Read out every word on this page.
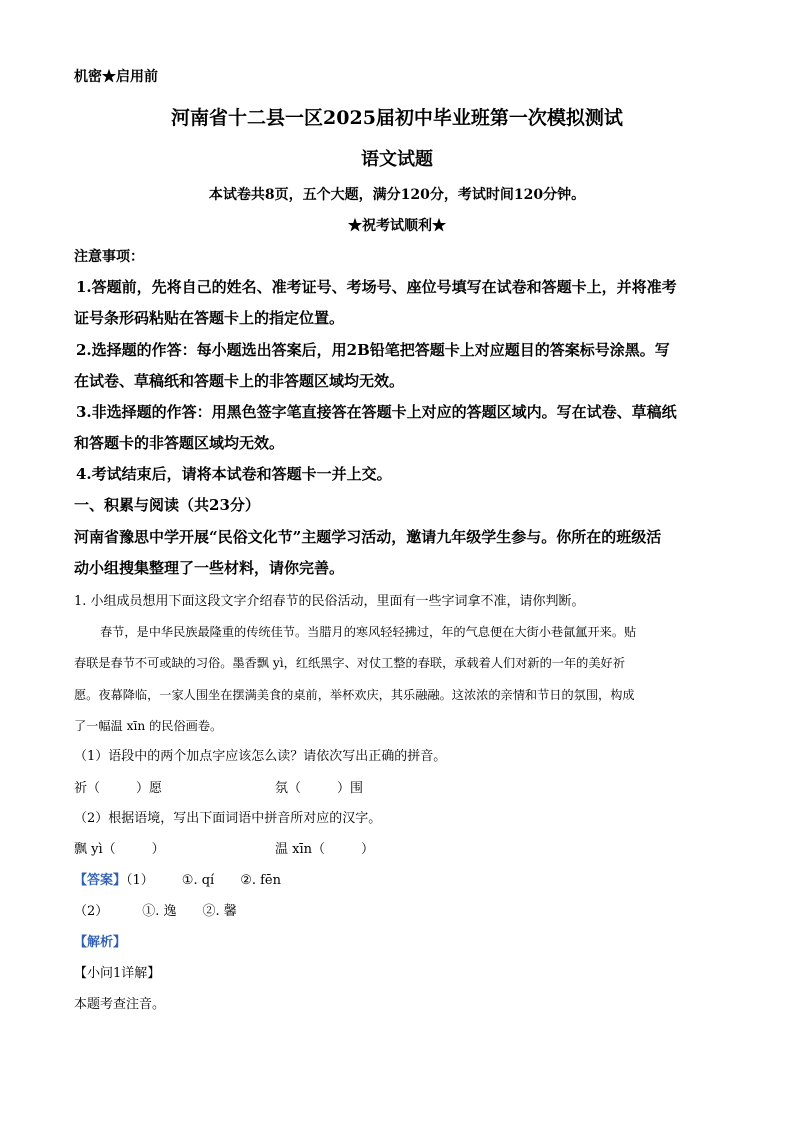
机密★启用前
河南省十二县一区2025届初中毕业班第一次模拟测试
语文试题
本试卷共8页，五个大题，满分120分，考试时间120分钟。
★祝考试顺利★
注意事项：
1.答题前，先将自己的姓名、准考证号、考场号、座位号填写在试卷和答题卡上，并将准考
证号条形码粘贴在答题卡上的指定位置。
2.选择题的作答：每小题选出答案后，用2B铅笔把答题卡上对应题目的答案标号涂黑。写
在试卷、草稿纸和答题卡上的非答题区域均无效。
3.非选择题的作答：用黑色签字笔直接答在答题卡上对应的答题区域内。写在试卷、草稿纸
和答题卡的非答题区域均无效。
4.考试结束后，请将本试卷和答题卡一并上交。
一、积累与阅读（共23分）
河南省豫思中学开展“民俗文化节”主题学习活动，邀请九年级学生参与。你所在的班级活
动小组搜集整理了一些材料，请你完善。
1. 小组成员想用下面这段文字介绍春节的民俗活动，里面有一些字词拿不准，请你判断。
春节，是中华民族最隆重的传统佳节。当腊月的寒风轻轻拂过，年的气息便在大街小巷氤氲开来。贴
春联是春节不可或缺的习俗。墨香飘 yì，红纸黑字、对仗工整的春联，承载着人们对新的一年的美好祈
愿。夜幕降临，一家人围坐在摆满美食的桌前，举杯欢庆，其乐融融。这浓浓的亲情和节日的氛围，构成
了一幅温 xīn 的民俗画卷。
（1）语段中的两个加点字应该怎么读？请依次写出正确的拼音。
祈（	）愿	氛（	）围
（2）根据语境，写出下面词语中拼音所对应的汉字。
飘 yì（	）	温 xīn（	）
【答案】（1） ①. qí ②. fēn
（2）	①. 逸 ②. 馨
【解析】
【小问1详解】
本题考查注音。
